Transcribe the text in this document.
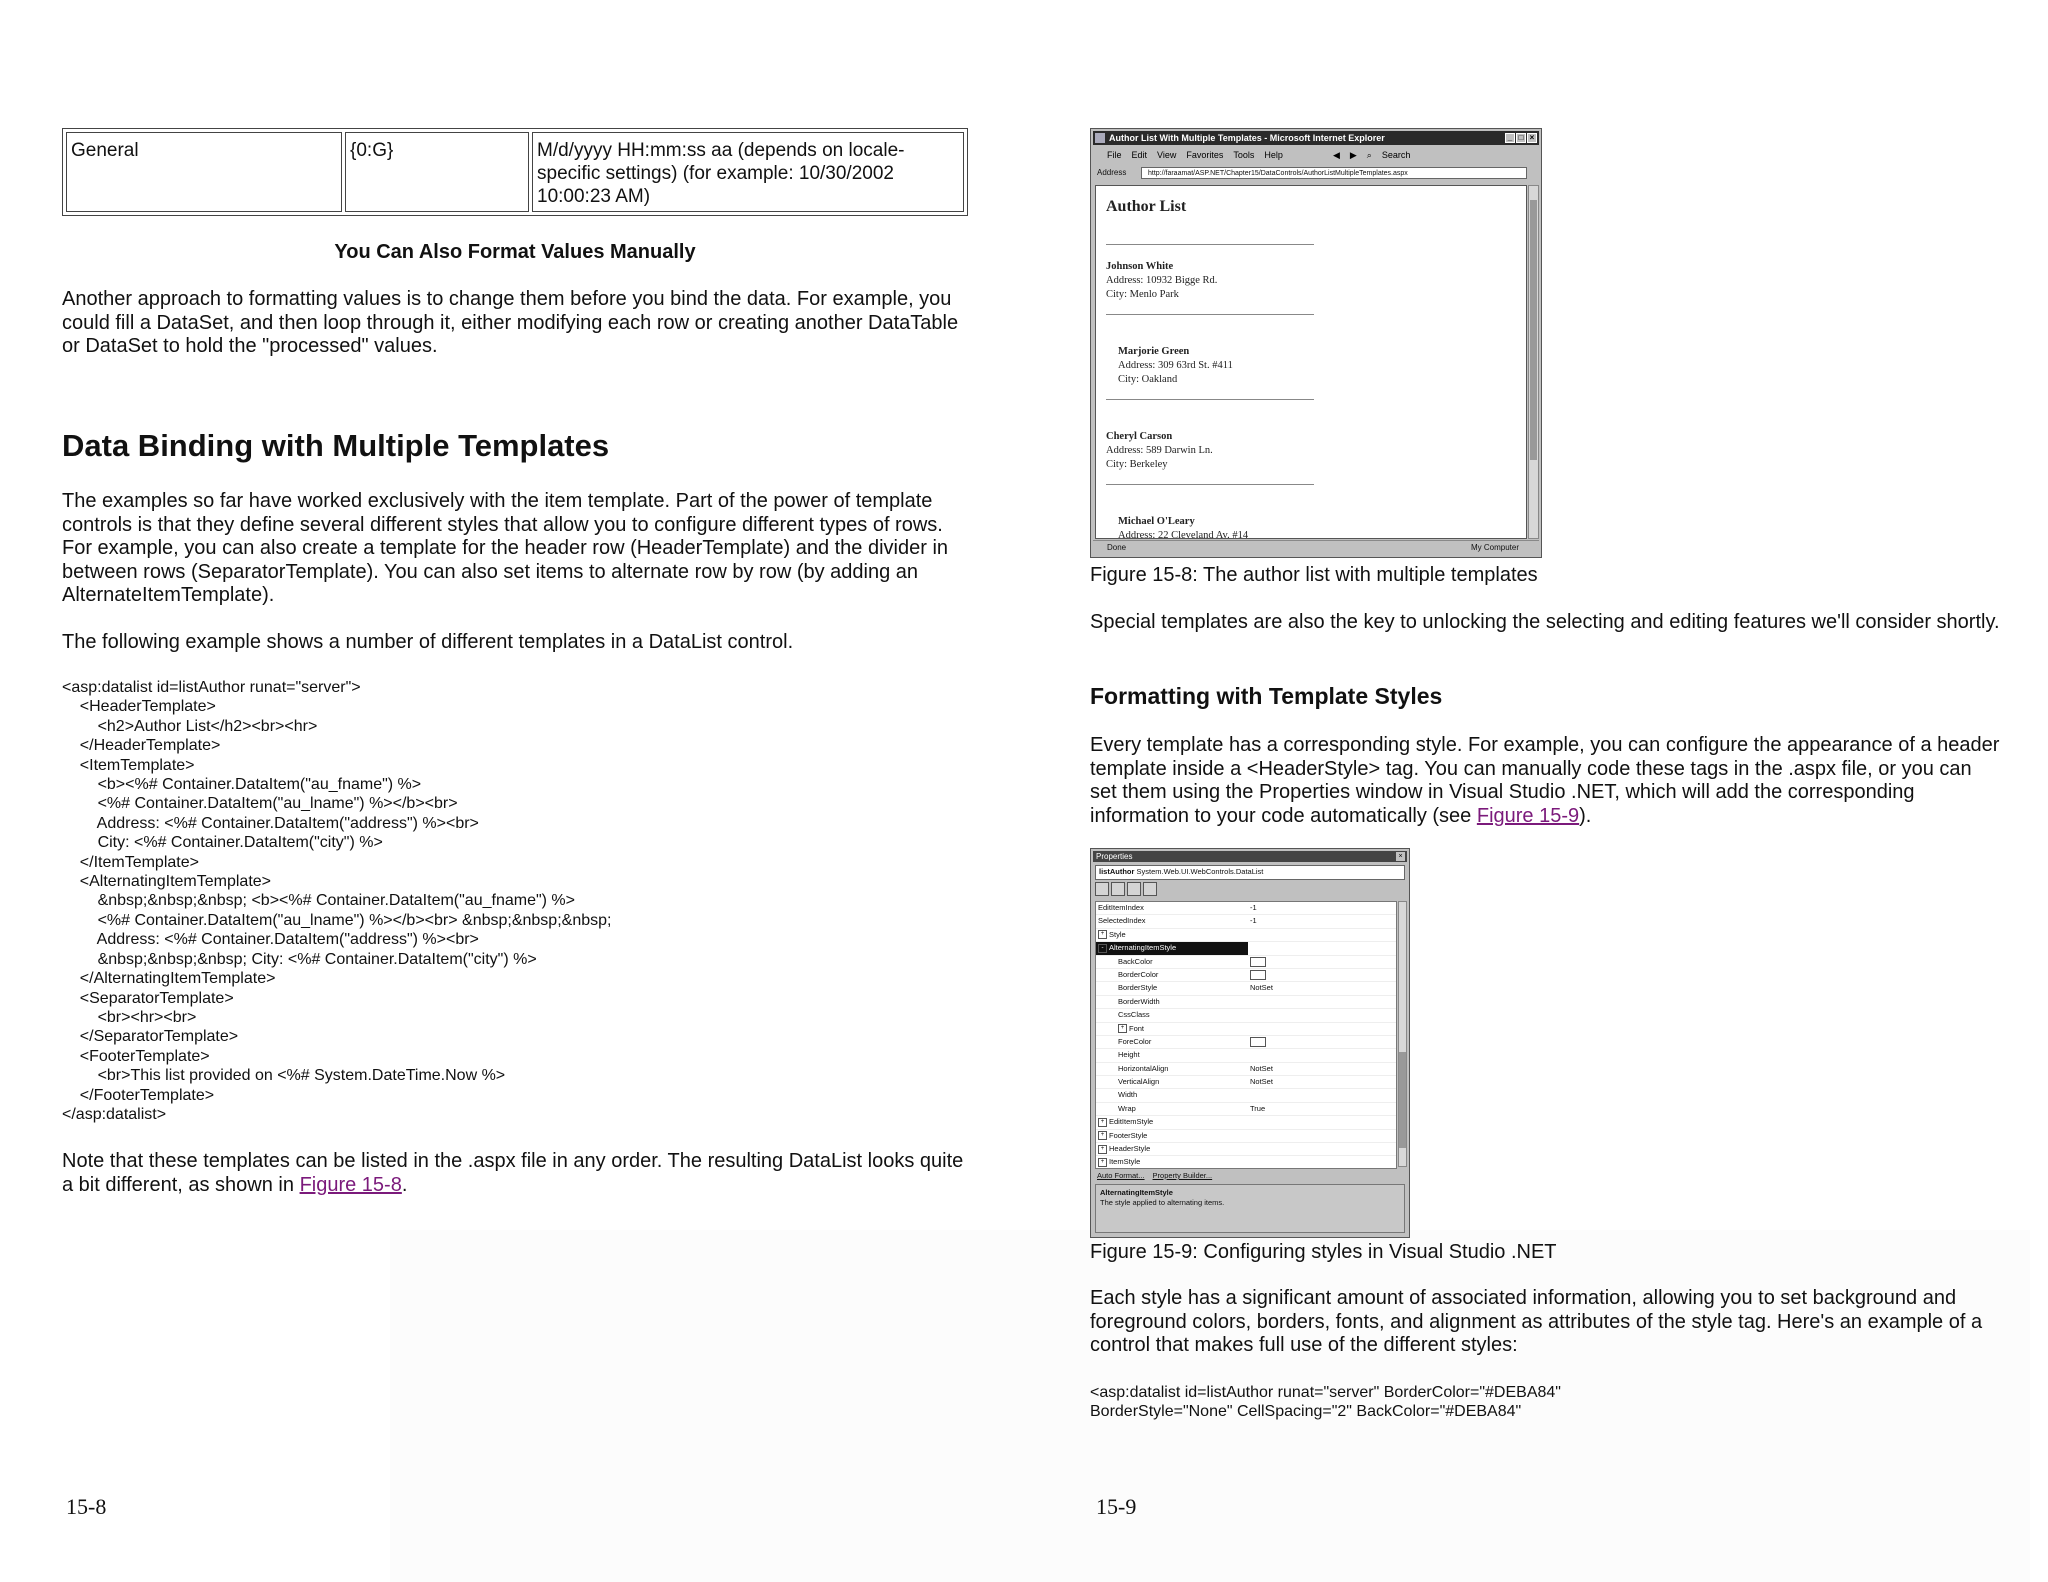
General	{0:G}	M/d/yyyy HH:mm:ss aa (depends on locale-specific settings) (for example: 10/30/2002 10:00:23 AM)
You Can Also Format Values Manually
Another approach to formatting values is to change them before you bind the data. For example, you could fill a DataSet, and then loop through it, either modifying each row or creating another DataTable or DataSet to hold the "processed" values.
Data Binding with Multiple Templates
The examples so far have worked exclusively with the item template. Part of the power of template controls is that they define several different styles that allow you to configure different types of rows. For example, you can also create a template for the header row (HeaderTemplate) and the divider in between rows (SeparatorTemplate). You can also set items to alternate row by row (by adding an AlternateItemTemplate).
The following example shows a number of different templates in a DataList control.
<asp:datalist id=listAuthor runat="server">
<HeaderTemplate>
<h2>Author List</h2><br><hr>
</HeaderTemplate>
<ItemTemplate>
<b><%# Container.DataItem("au_fname") %>
<%# Container.DataItem("au_lname") %></b><br>
Address: <%# Container.DataItem("address") %><br>
City: <%# Container.DataItem("city") %>
</ItemTemplate>
<AlternatingItemTemplate>
&nbsp;&nbsp;&nbsp; <b><%# Container.DataItem("au_fname") %>
<%# Container.DataItem("au_lname") %></b><br> &nbsp;&nbsp;&nbsp;
Address: <%# Container.DataItem("address") %><br>
&nbsp;&nbsp;&nbsp; City: <%# Container.DataItem("city") %>
</AlternatingItemTemplate>
<SeparatorTemplate>
<br><hr><br>
</SeparatorTemplate>
<FooterTemplate>
<br>This list provided on <%# System.DateTime.Now %>
</FooterTemplate>
</asp:datalist>
Note that these templates can be listed in the .aspx file in any order. The resulting DataList looks quite a bit different, as shown in Figure 15-8.
15-8
Author List With Multiple Templates - Microsoft Internet Explorer	_ □ ×
File Edit View Favorites Tools Help	◀ ▶ ⌕ Search
Address	http://faraamat/ASP.NET/Chapter15/DataControls/AuthorListMultipleTemplates.aspx
Author List
Johnson White
Address: 10932 Bigge Rd.
City: Menlo Park
Marjorie Green
Address: 309 63rd St. #411
City: Oakland
Cheryl Carson
Address: 589 Darwin Ln.
City: Berkeley
Michael O'Leary
Address: 22 Cleveland Av. #14
Done	My Computer
Figure 15-8: The author list with multiple templates
Special templates are also the key to unlocking the selecting and editing features we'll consider shortly.
Formatting with Template Styles
Every template has a corresponding style. For example, you can configure the appearance of a header template inside a <HeaderStyle> tag. You can manually code these tags in the .aspx file, or you can set them using the Properties window in Visual Studio .NET, which will add the corresponding information to your code automatically (see Figure 15-9).
Properties	×
listAuthor System.Web.UI.WebControls.DataList
EditItemIndex	-1
SelectedIndex	-1
+ Style
- AlternatingItemStyle
BackColor
BorderColor
BorderStyle	NotSet
BorderWidth
CssClass
+ Font
ForeColor
Height
HorizontalAlign	NotSet
VerticalAlign	NotSet
Width
Wrap	True
+ EditItemStyle
+ FooterStyle
+ HeaderStyle
+ ItemStyle
Auto Format... Property Builder...
AlternatingItemStyle
The style applied to alternating items.
Figure 15-9: Configuring styles in Visual Studio .NET
Each style has a significant amount of associated information, allowing you to set background and foreground colors, borders, fonts, and alignment as attributes of the style tag. Here's an example of a control that makes full use of the different styles:
<asp:datalist id=listAuthor runat="server" BorderColor="#DEBA84"
BorderStyle="None" CellSpacing="2" BackColor="#DEBA84"
15-9
